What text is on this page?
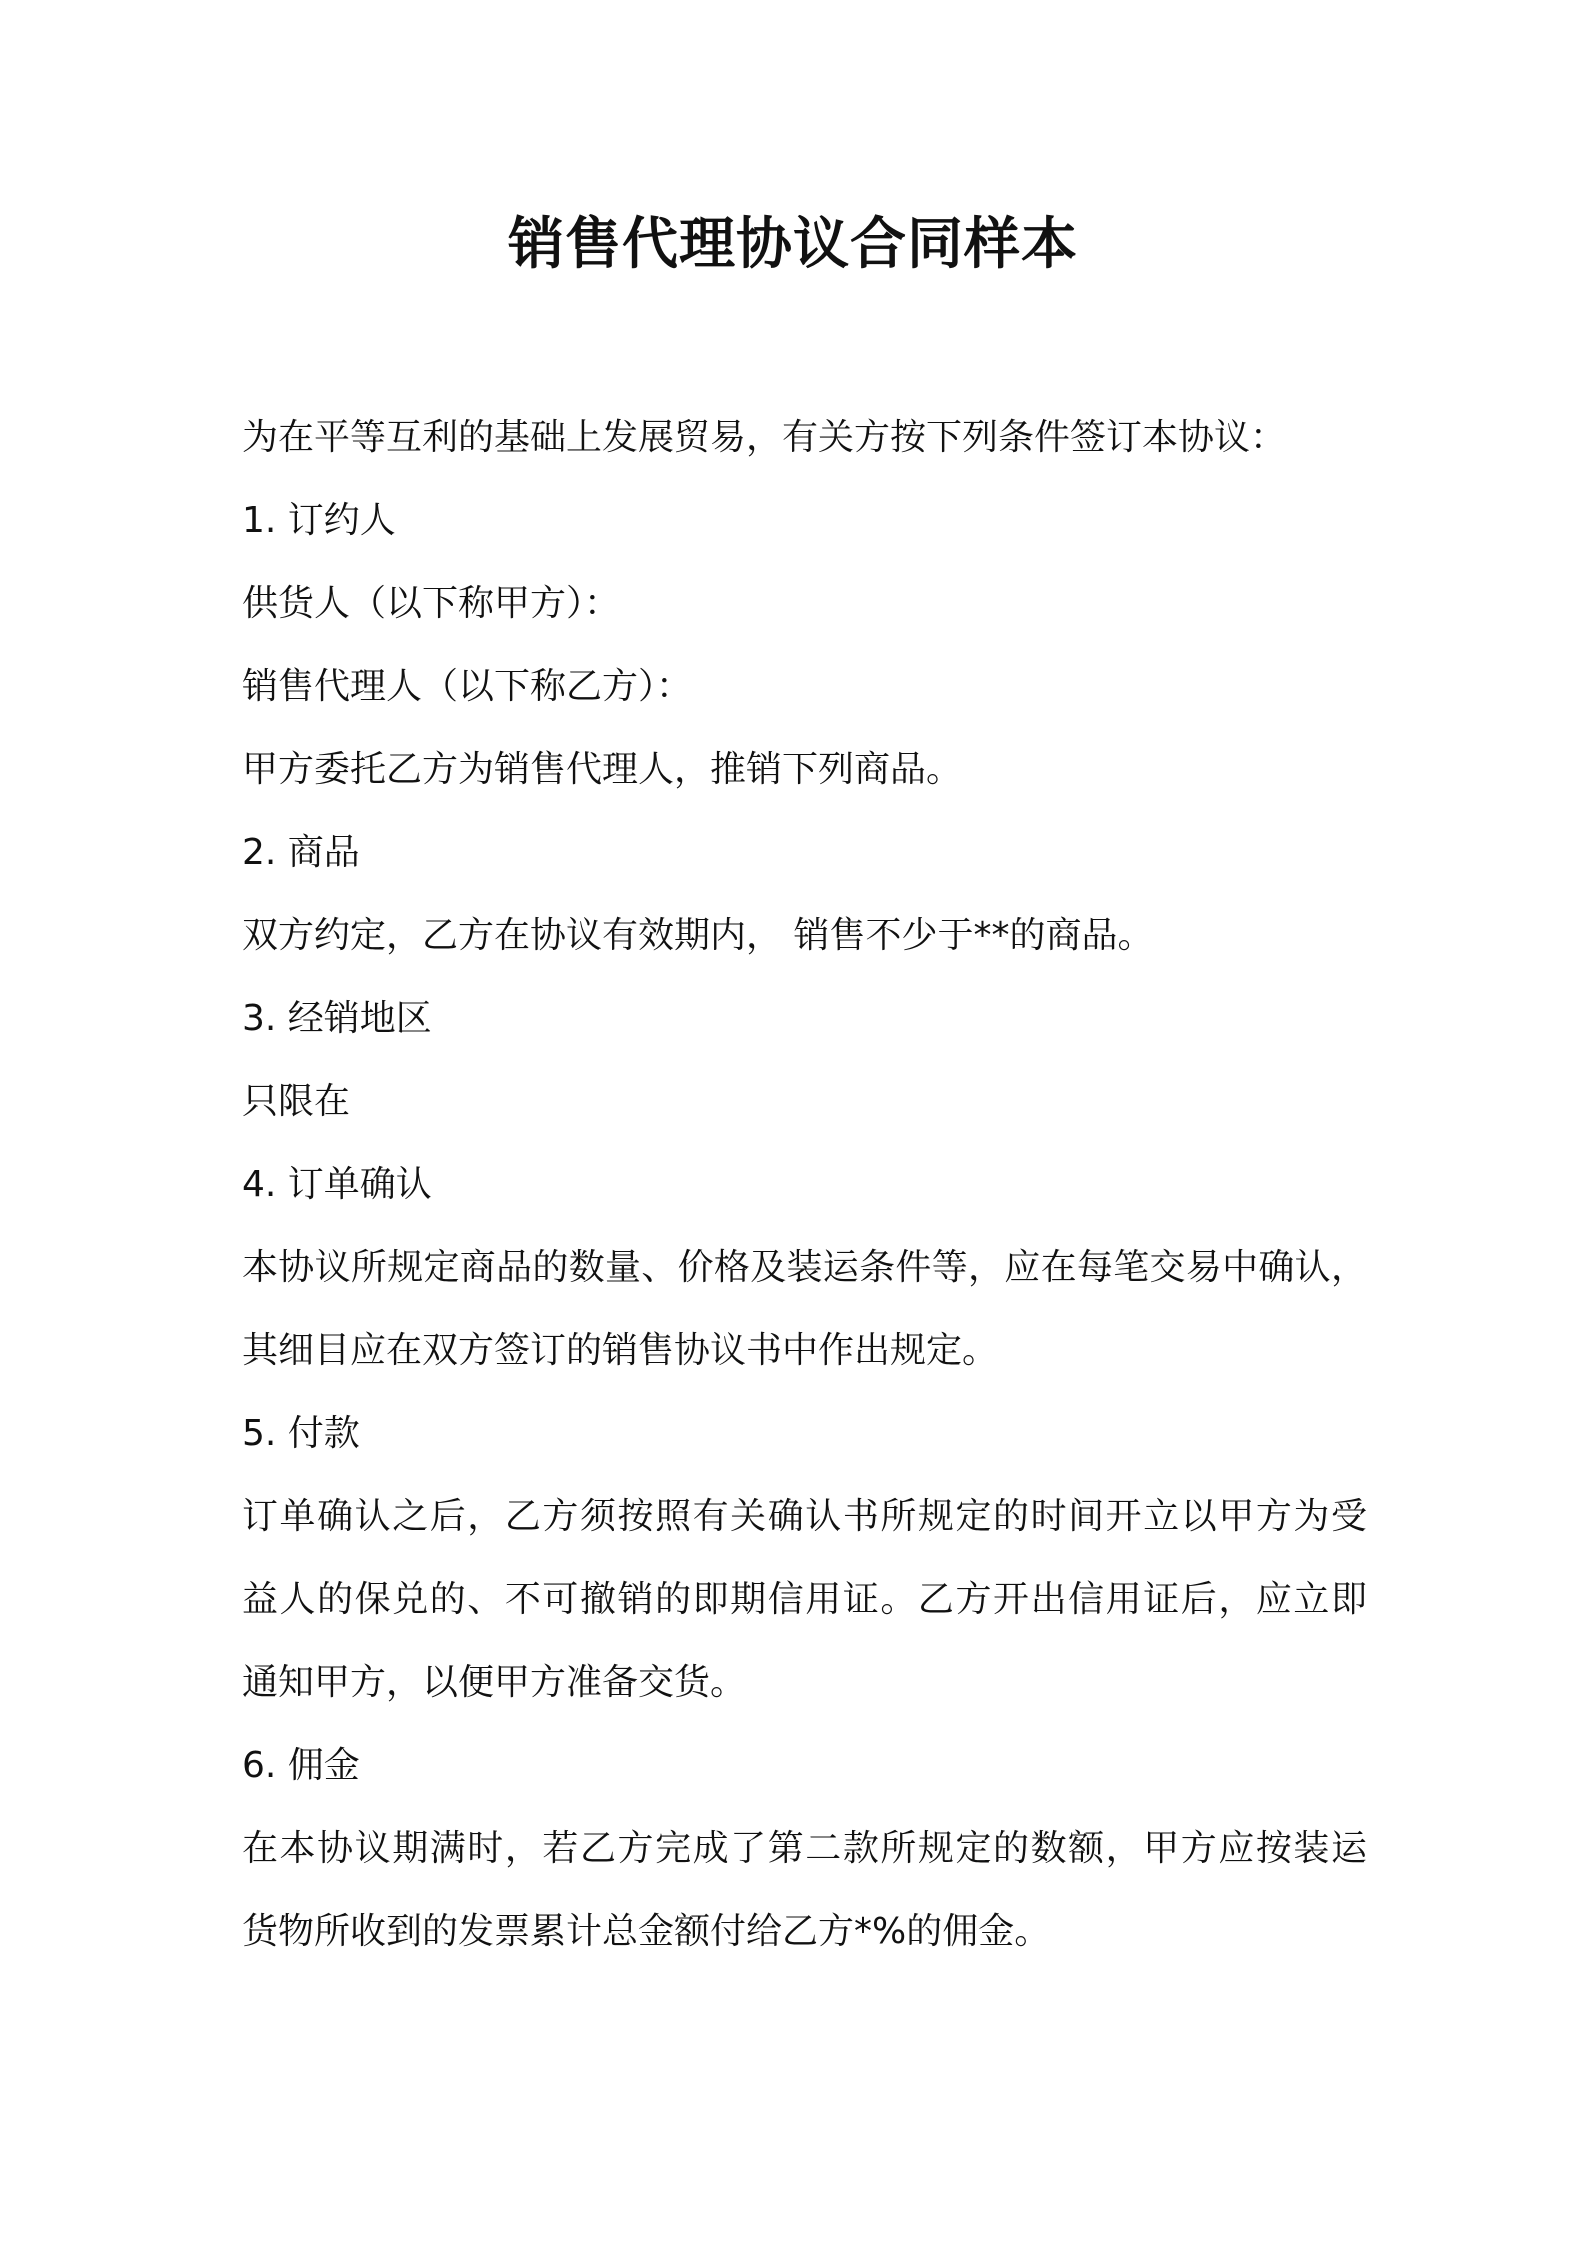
销售代理协议合同样本
为在平等互利的基础上发展贸易，有关方按下列条件签订本协议：
1. 订约人
供货人（以下称甲方）：
销售代理人（以下称乙方）：
甲方委托乙方为销售代理人，推销下列商品。
2. 商品
双方约定，乙方在协议有效期内， 销售不少于**的商品。
3. 经销地区
只限在
4. 订单确认
本协议所规定商品的数量、价格及装运条件等，应在每笔交易中确认，
其细目应在双方签订的销售协议书中作出规定。
5. 付款
订单确认之后，乙方须按照有关确认书所规定的时间开立以甲方为受
益人的保兑的、不可撤销的即期信用证。乙方开出信用证后，应立即
通知甲方，以便甲方准备交货。
6. 佣金
在本协议期满时，若乙方完成了第二款所规定的数额，甲方应按装运
货物所收到的发票累计总金额付给乙方*%的佣金。
